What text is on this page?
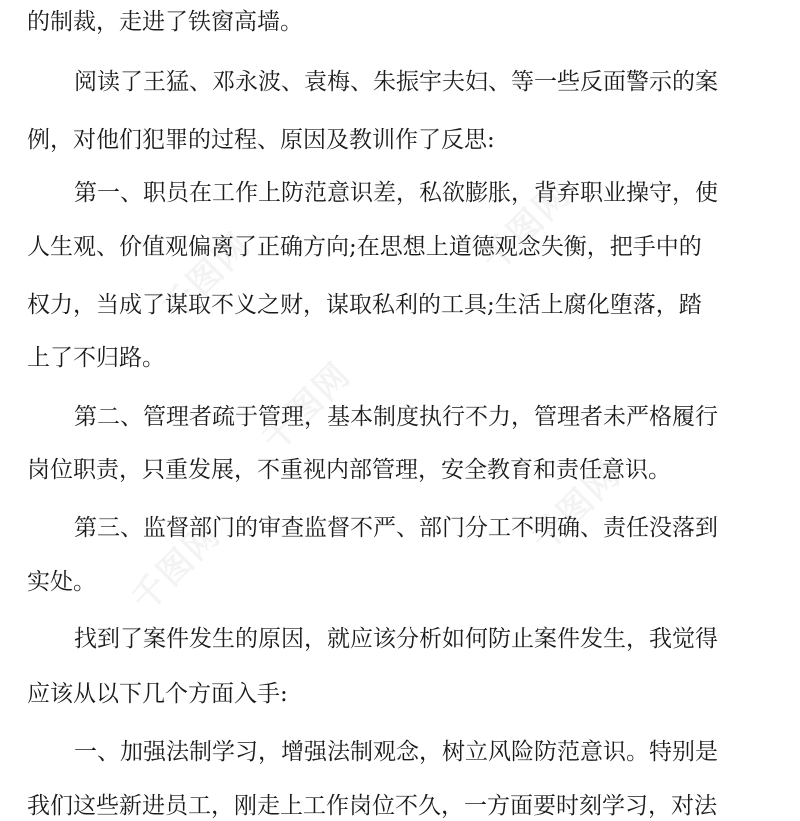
千图网	千图网
千图网
千图网
千图网
的制裁，走进了铁窗高墙。
阅读了王猛、邓永波、袁梅、朱振宇夫妇、等一些反面警示的案
例，对他们犯罪的过程、原因及教训作了反思:
第一、职员在工作上防范意识差，私欲膨胀，背弃职业操守，使
人生观、价值观偏离了正确方向;在思想上道德观念失衡，把手中的
权力，当成了谋取不义之财，谋取私利的工具;生活上腐化堕落，踏
上了不归路。
第二、管理者疏于管理，基本制度执行不力，管理者未严格履行
岗位职责，只重发展，不重视内部管理，安全教育和责任意识。
第三、监督部门的审查监督不严、部门分工不明确、责任没落到
实处。
找到了案件发生的原因，就应该分析如何防止案件发生，我觉得
应该从以下几个方面入手:
一、加强法制学习，增强法制观念，树立风险防范意识。特别是
我们这些新进员工，刚走上工作岗位不久，一方面要时刻学习，对法
